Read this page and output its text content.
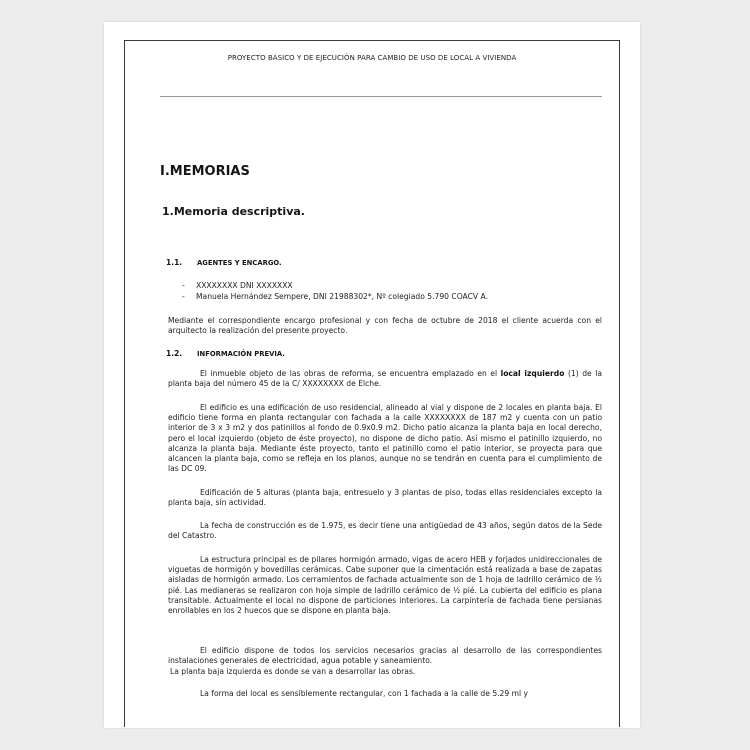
PROYECTO BÁSICO Y DE EJECUCIÓN PARA CAMBIO DE USO DE LOCAL A VIVIENDA
I.MEMORIAS
1.Memoria descriptiva.
1.1. AGENTES Y ENCARGO.
- XXXXXXXX DNI XXXXXXX
- Manuela Hernández Sempere, DNI 21988302*, Nº colegiado 5.790 COACV A.

Mediante el correspondiente encargo profesional y con fecha de octubre de 2018 el cliente acuerda con el arquitecto la realización del presente proyecto.

1.2. INFORMACIÓN PREVIA.

El inmueble objeto de las obras de reforma, se encuentra emplazado en el local izquierdo (1) de la planta baja del número 45 de la C/ XXXXXXXX de Elche.

El edificio es una edificación de uso residencial, alineado al vial y dispone de 2 locales en planta baja. El edificio tiene forma en planta rectangular con fachada a la calle XXXXXXXX de 187 m2 y cuenta con un patio interior de 3 x 3 m2 y dos patinillos al fondo de 0.9x0.9 m2. Dicho patio alcanza la planta baja en local derecho, pero el local izquierdo (objeto de éste proyecto), no dispone de dicho patio. Así mismo el patinillo izquierdo, no alcanza la planta baja. Mediante éste proyecto, tanto el patinillo como el patio interior, se proyecta para que alcancen la planta baja, como se refleja en los planos, aunque no se tendrán en cuenta para el cumplimiento de las DC 09.

Edificación de 5 alturas (planta baja, entresuelo y 3 plantas de piso, todas ellas residenciales excepto la planta baja, sin actividad.

La fecha de construcción es de 1.975, es decir tiene una antigüedad de 43 años, según datos de la Sede del Catastro.

La estructura principal es de pilares hormigón armado, vigas de acero HEB y forjados unidireccionales de viguetas de hormigón y bovedillas cerámicas. Cabe suponer que la cimentación está realizada a base de zapatas aisladas de hormigón armado. Los cerramientos de fachada actualmente son de 1 hoja de ladrillo cerámico de ½ pié. Las medianeras se realizaron con hoja simple de ladrillo cerámico de ½ pié. La cubierta del edificio es plana transitable. Actualmente el local no dispone de particiones interiores. La carpintería de fachada tiene persianas enrollables en los 2 huecos que se dispone en planta baja.

El edificio dispone de todos los servicios necesarios gracias al desarrollo de las correspondientes instalaciones generales de electricidad, agua potable y saneamiento.

La planta baja izquierda es donde se van a desarrollar las obras.

La forma del local es sensiblemente rectangular, con 1 fachada a la calle de 5.29 ml y
